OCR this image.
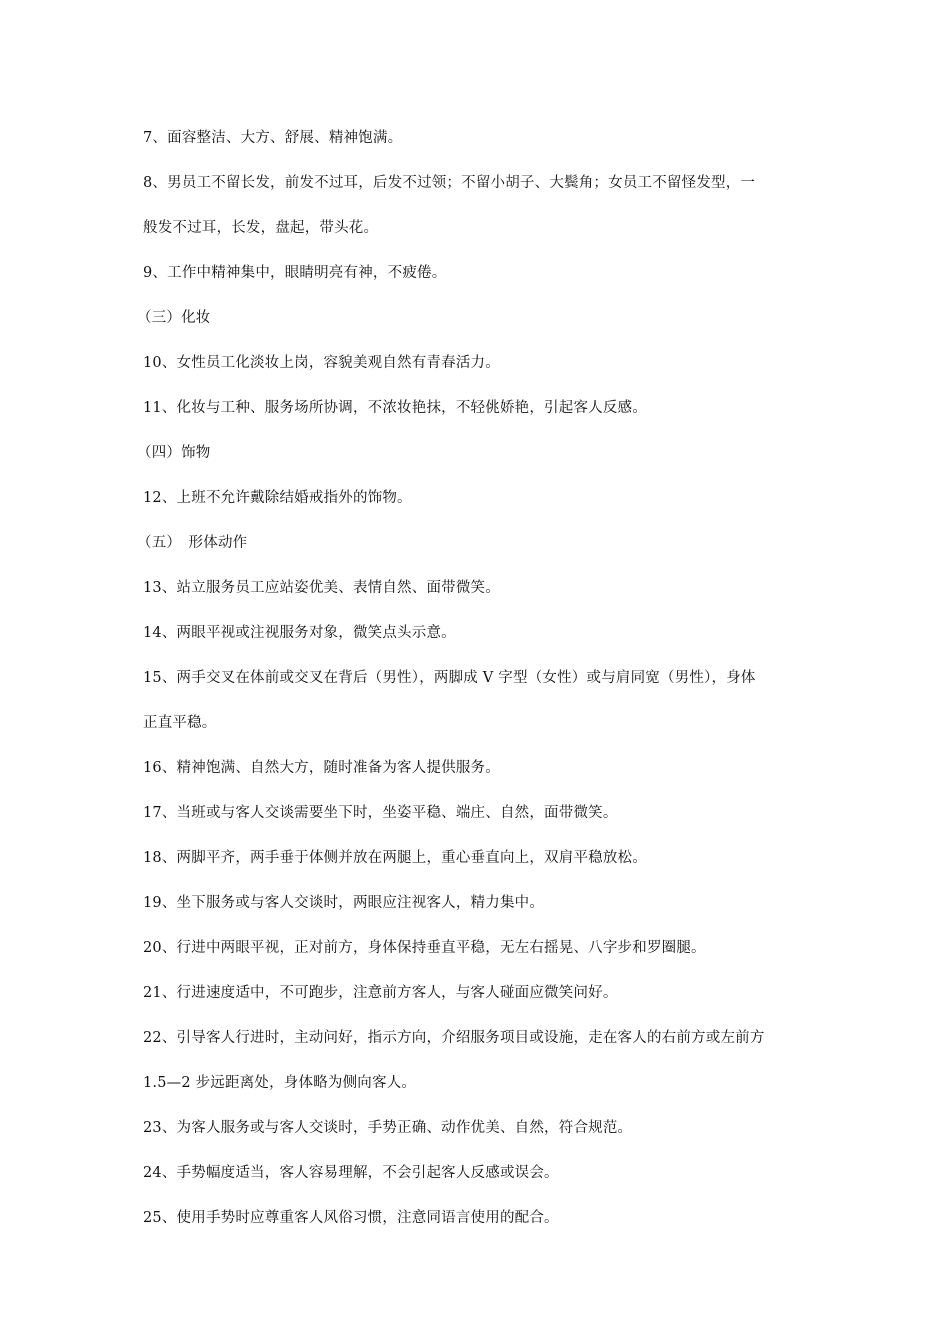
7、面容整洁、大方、舒展、精神饱满。
8、男员工不留长发，前发不过耳，后发不过领；不留小胡子、大鬓角；女员工不留怪发型，一
般发不过耳，长发，盘起，带头花。
9、工作中精神集中，眼睛明亮有神，不疲倦。
（三）化妆
10、女性员工化淡妆上岗，容貌美观自然有青春活力。
11、化妆与工种、服务场所协调，不浓妆艳抹，不轻佻娇艳，引起客人反感。
（四）饰物
12、上班不允许戴除结婚戒指外的饰物。
（五）　形体动作
13、站立服务员工应站姿优美、表情自然、面带微笑。
14、两眼平视或注视服务对象，微笑点头示意。
15、两手交叉在体前或交叉在背后（男性），两脚成 V 字型（女性）或与肩同宽（男性），身体
正直平稳。
16、精神饱满、自然大方，随时准备为客人提供服务。
17、当班或与客人交谈需要坐下时，坐姿平稳、端庄、自然，面带微笑。
18、两脚平齐，两手垂于体侧并放在两腿上，重心垂直向上，双肩平稳放松。
19、坐下服务或与客人交谈时，两眼应注视客人，精力集中。
20、行进中两眼平视，正对前方，身体保持垂直平稳，无左右摇晃、八字步和罗圈腿。
21、行进速度适中，不可跑步，注意前方客人，与客人碰面应微笑问好。
22、引导客人行进时，主动问好，指示方向，介绍服务项目或设施，走在客人的右前方或左前方
1.5—2 步远距离处，身体略为侧向客人。
23、为客人服务或与客人交谈时，手势正确、动作优美、自然，符合规范。
24、手势幅度适当，客人容易理解，不会引起客人反感或误会。
25、使用手势时应尊重客人风俗习惯，注意同语言使用的配合。
